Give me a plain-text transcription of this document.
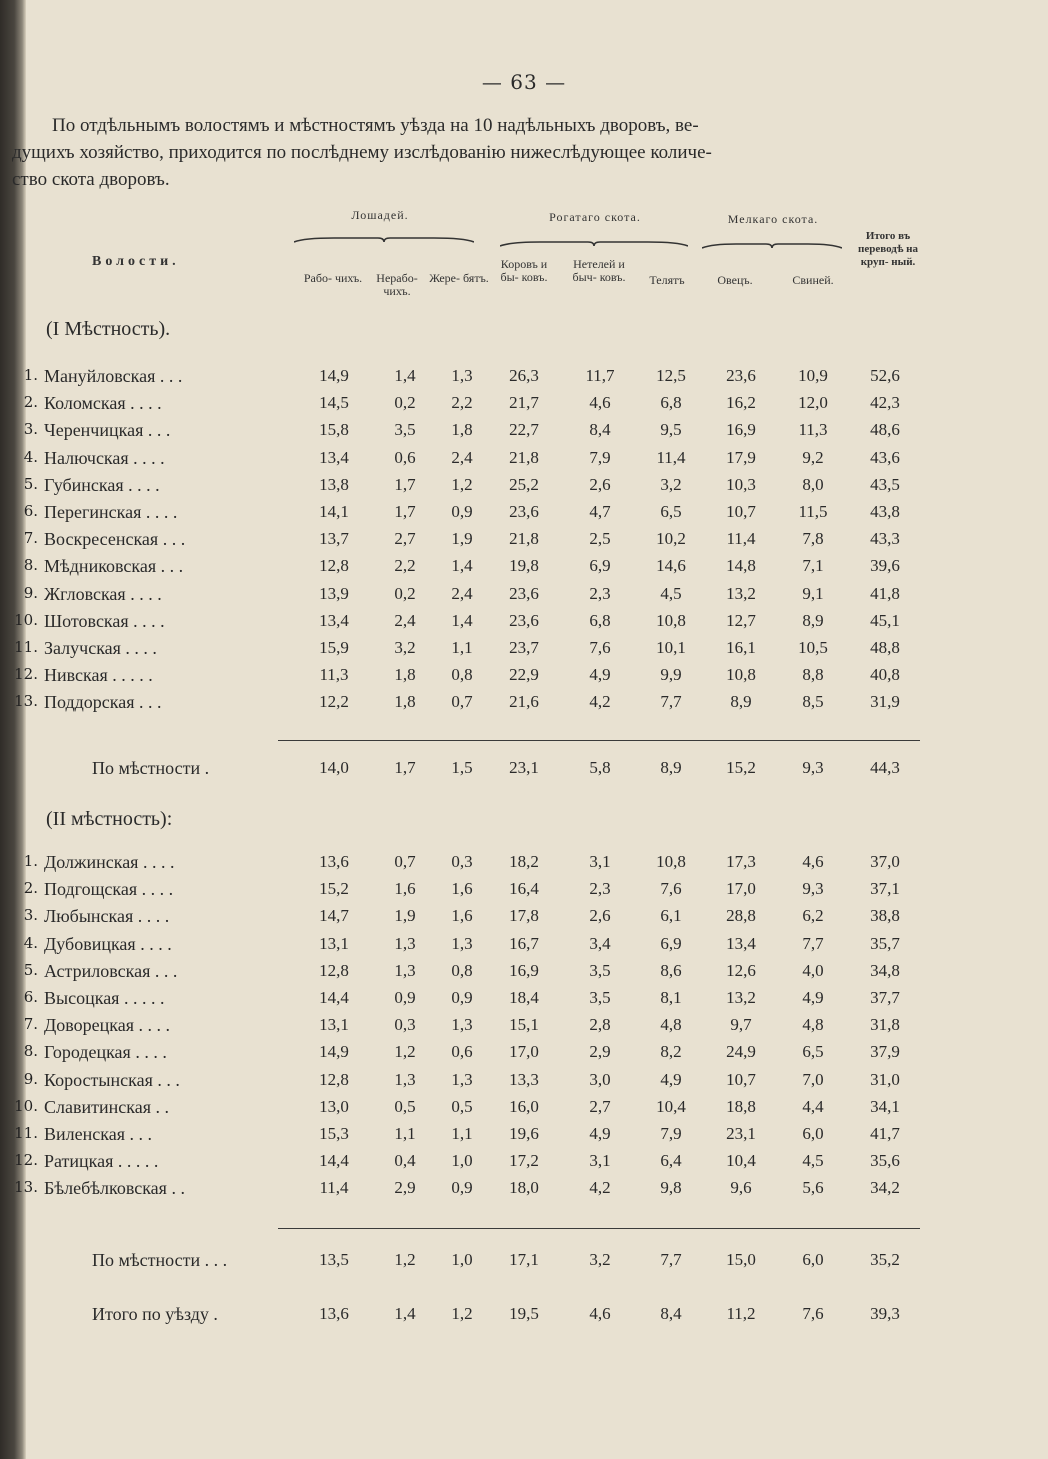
— 63 —
По отдѣльнымъ волостямъ и мѣстностямъ уѣзда на 10 надѣльныхъ дворовъ, ве-
дущихъ хозяйство, приходится по послѣднему изслѣдованію нижеслѣдующее количе-
ство скота дворовъ.
Волости.
Лошадей.	Рогатаго скота.	Мелкаго скота.
Итого въ переводѣ на круп- ный.
Рабо- чихъ.	Нерабо- чихъ.
Жере- бятъ.
Коровъ и бы- ковъ.
Нетелей и быч- ковъ.	Телятъ	Овецъ.	Свиней.
(I Мѣстность).
1. Мануйловская . . .	14,9	1,4	1,3	26,3	11,7	12,5	23,6	10,9	52,6
2. Коломская . . . .	14,5	0,2	2,2	21,7	4,6	6,8	16,2	12,0	42,3
3. Черенчицкая . . .	15,8	3,5	1,8	22,7	8,4	9,5	16,9	11,3	48,6
4. Налючская . . . .	13,4	0,6	2,4	21,8	7,9	11,4	17,9	9,2	43,6
5. Губинская . . . .	13,8	1,7	1,2	25,2	2,6	3,2	10,3	8,0	43,5
6. Перегинская . . . .	14,1	1,7	0,9	23,6	4,7	6,5	10,7	11,5	43,8
7. Воскресенская . . .	13,7	2,7	1,9	21,8	2,5	10,2	11,4	7,8	43,3
8. Мѣдниковская . . .	12,8	2,2	1,4	19,8	6,9	14,6	14,8	7,1	39,6
9. Жгловская . . . .	13,9	0,2	2,4	23,6	2,3	4,5	13,2	9,1	41,8
10. Шотовская . . . .	13,4	2,4	1,4	23,6	6,8	10,8	12,7	8,9	45,1
11. Залучская . . . .	15,9	3,2	1,1	23,7	7,6	10,1	16,1	10,5	48,8
12. Нивская . . . . .	11,3	1,8	0,8	22,9	4,9	9,9	10,8	8,8	40,8
13. Поддорская . . .	12,2	1,8	0,7	21,6	4,2	7,7	8,9	8,5	31,9
По мѣстности .	14,0	1,7	1,5	23,1	5,8	8,9	15,2	9,3	44,3
(II мѣстность):
1. Должинская . . . .	13,6	0,7	0,3	18,2	3,1	10,8	17,3	4,6	37,0
2. Подгощская . . . .	15,2	1,6	1,6	16,4	2,3	7,6	17,0	9,3	37,1
3. Любынская . . . .	14,7	1,9	1,6	17,8	2,6	6,1	28,8	6,2	38,8
4. Дубовицкая . . . .	13,1	1,3	1,3	16,7	3,4	6,9	13,4	7,7	35,7
5. Астриловская . . .	12,8	1,3	0,8	16,9	3,5	8,6	12,6	4,0	34,8
6. Высоцкая . . . . .	14,4	0,9	0,9	18,4	3,5	8,1	13,2	4,9	37,7
7. Доворецкая . . . .	13,1	0,3	1,3	15,1	2,8	4,8	9,7	4,8	31,8
8. Городецкая . . . .	14,9	1,2	0,6	17,0	2,9	8,2	24,9	6,5	37,9
9. Коростынская . . .	12,8	1,3	1,3	13,3	3,0	4,9	10,7	7,0	31,0
10. Славитинская . .	13,0	0,5	0,5	16,0	2,7	10,4	18,8	4,4	34,1
11. Виленская . . .	15,3	1,1	1,1	19,6	4,9	7,9	23,1	6,0	41,7
12. Ратицкая . . . . .	14,4	0,4	1,0	17,2	3,1	6,4	10,4	4,5	35,6
13. Бѣлебѣлковская . .	11,4	2,9	0,9	18,0	4,2	9,8	9,6	5,6	34,2
По мѣстности . . .	13,5	1,2	1,0	17,1	3,2	7,7	15,0	6,0	35,2
Итого по уѣзду .	13,6	1,4	1,2	19,5	4,6	8,4	11,2	7,6	39,3
